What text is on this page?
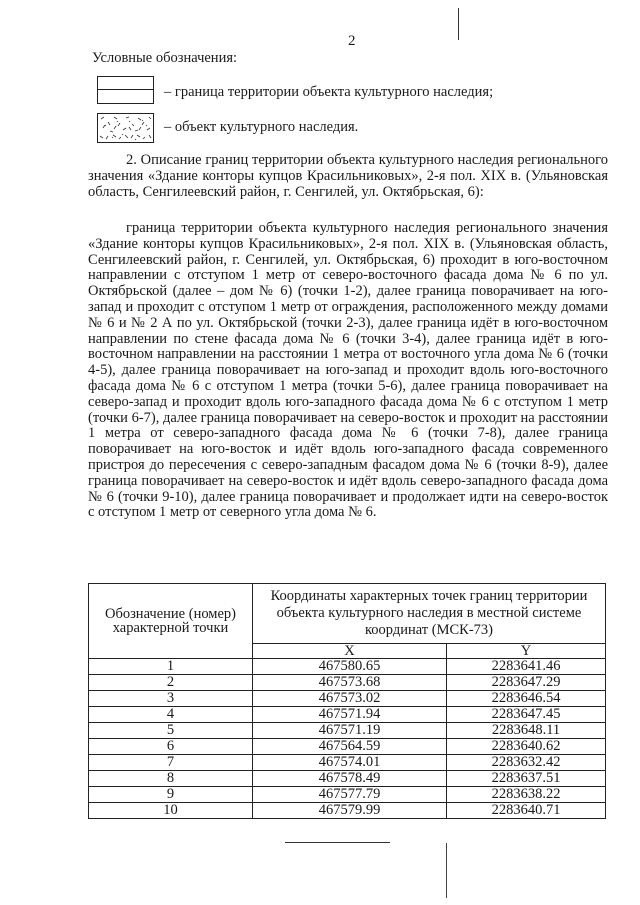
2
Условные обозначения:
– граница территории объекта культурного наследия;
– объект культурного наследия.
2. Описание границ территории объекта культурного наследия регионального значения «Здание конторы купцов Красильниковых», 2-я пол. XIX в. (Ульяновская область, Сенгилеевский район, г. Сенгилей, ул. Октябрьская, 6):
граница территории объекта культурного наследия регионального значения «Здание конторы купцов Красильниковых», 2-я пол. XIX в. (Ульяновская область, Сенгилеевский район, г. Сенгилей, ул. Октябрьская, 6) проходит в юго-восточном направлении с отступом 1 метр от северо-восточного фасада дома № 6 по ул. Октябрьской (далее – дом № 6) (точки 1-2), далее граница поворачивает на юго-запад и проходит с отступом 1 метр от ограждения, расположенного между домами № 6 и № 2 А по ул. Октябрьской (точки 2-3), далее граница идёт в юго-восточном направлении по стене фасада дома № 6 (точки 3-4), далее граница идёт в юго-восточном направлении на расстоянии 1 метра от восточного угла дома № 6 (точки 4-5), далее граница поворачивает на юго-запад и проходит вдоль юго-восточного фасада дома № 6 с отступом 1 метра (точки 5-6), далее граница поворачивает на северо-запад и проходит вдоль юго-западного фасада дома № 6 с отступом 1 метр (точки 6-7), далее граница поворачивает на северо-восток и проходит на расстоянии 1 метра от северо-западного фасада дома № 6 (точки 7-8), далее граница поворачивает на юго-восток и идёт вдоль юго-западного фасада современного пристроя до пересечения с северо-западным фасадом дома № 6 (точки 8-9), далее граница поворачивает на северо-восток и идёт вдоль северо-западного фасада дома № 6 (точки 9-10), далее граница поворачивает и продолжает идти на северо-восток с отступом 1 метр от северного угла дома № 6.
Обозначение (номер) характерной точки	Координаты характерных точек границ территории объекта культурного наследия в местной системе координат (МСК-73)	
	X	Y
1	467580.65	2283641.46
2	467573.68	2283647.29
3	467573.02	2283646.54
4	467571.94	2283647.45
5	467571.19	2283648.11
6	467564.59	2283640.62
7	467574.01	2283632.42
8	467578.49	2283637.51
9	467577.79	2283638.22
10	467579.99	2283640.71
